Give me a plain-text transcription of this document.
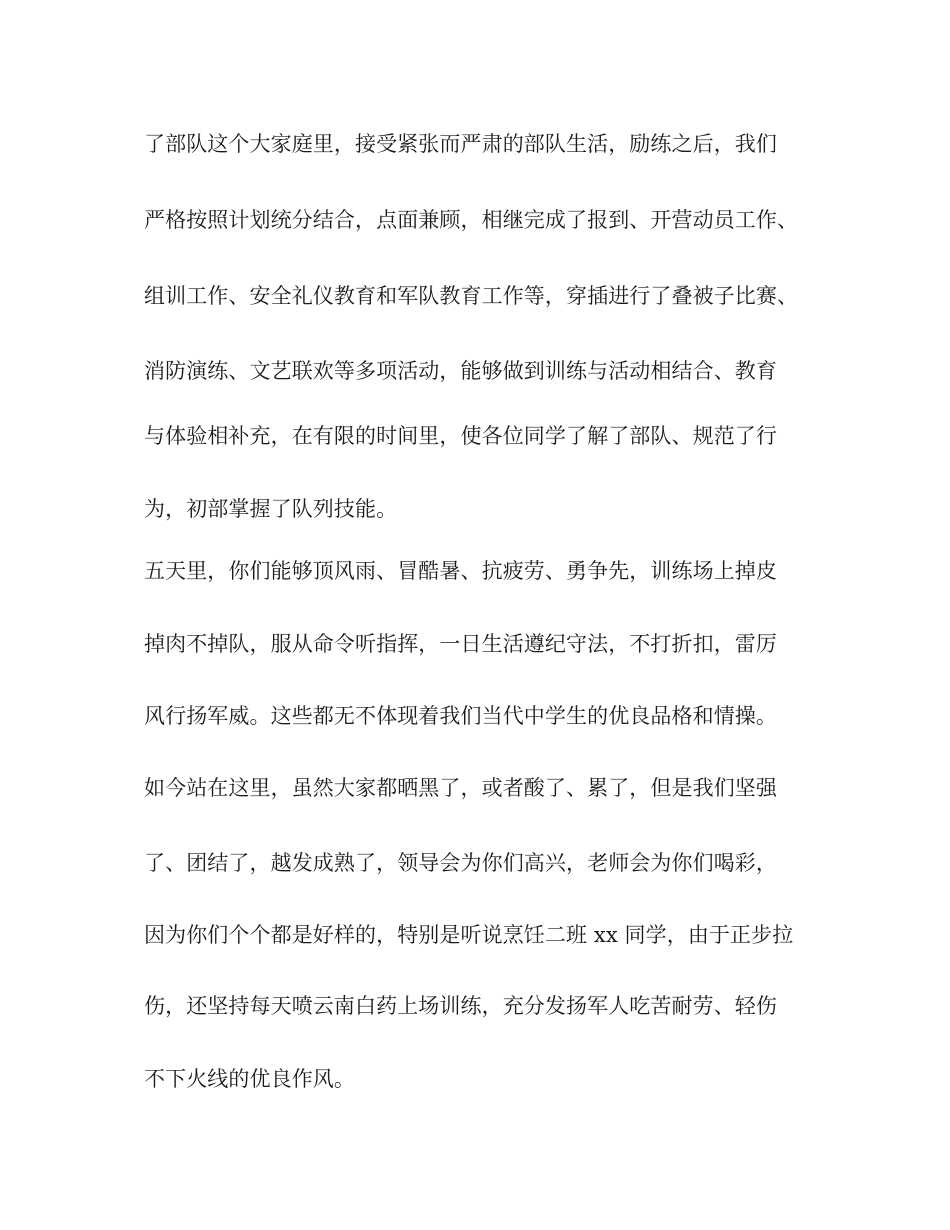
了部队这个大家庭里，接受紧张而严肃的部队生活，励练之后，我们

严格按照计划统分结合，点面兼顾，相继完成了报到、开营动员工作、

组训工作、安全礼仪教育和军队教育工作等，穿插进行了叠被子比赛、

消防演练、文艺联欢等多项活动，能够做到训练与活动相结合、教育

与体验相补充，在有限的时间里，使各位同学了解了部队、规范了行

为，初部掌握了队列技能。

五天里，你们能够顶风雨、冒酷暑、抗疲劳、勇争先，训练场上掉皮

掉肉不掉队，服从命令听指挥，一日生活遵纪守法，不打折扣，雷厉

风行扬军威。这些都无不体现着我们当代中学生的优良品格和情操。

如今站在这里，虽然大家都晒黑了，或者酸了、累了，但是我们坚强

了、团结了，越发成熟了，领导会为你们高兴，老师会为你们喝彩，

因为你们个个都是好样的，特别是听说烹饪二班 xx 同学，由于正步拉

伤，还坚持每天喷云南白药上场训练，充分发扬军人吃苦耐劳、轻伤

不下火线的优良作风。
